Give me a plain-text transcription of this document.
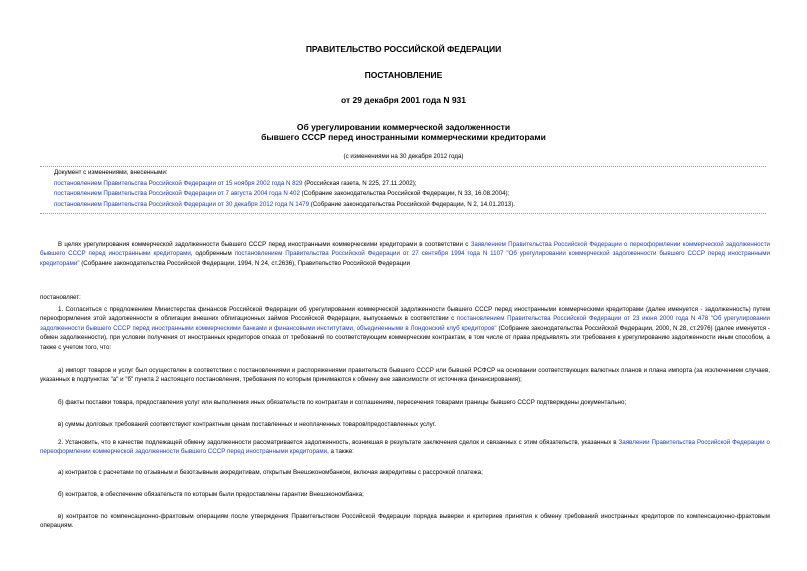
ПРАВИТЕЛЬСТВО РОССИЙСКОЙ ФЕДЕРАЦИИ
ПОСТАНОВЛЕНИЕ
от 29 декабря 2001 года N 931
Об урегулировании коммерческой задолженности
бывшего СССР перед иностранными коммерческими кредиторами
(с изменениями на 30 декабря 2012 года)
Документ с изменениями, внесенными:
постановлением Правительства Российской Федерации от 15 ноября 2002 года N 829 (Российская газета, N 225, 27.11.2002);
постановлением Правительства Российской Федерации от 7 августа 2004 года N 402 (Собрание законодательства Российской Федерации, N 33, 16.08.2004);
постановлением Правительства Российской Федерации от 30 декабря 2012 года N 1479 (Собрание законодательства Российской Федерации, N 2, 14.01.2013).
В целях урегулирования коммерческой задолженности бывшего СССР перед иностранными коммерческими кредиторами в соответствии с Заявлением Правительства Российской Федерации о переоформлении коммерческой задолженности бывшего СССР перед иностранными кредиторами, одобренным постановлением Правительства Российской Федерации от 27 сентября 1994 года N 1107 "Об урегулировании коммерческой задолженности бывшего СССР перед иностранными кредиторами" (Собрание законодательства Российской Федерации, 1994, N 24, ст.2636), Правительство Российской Федерации
постановляет:
1. Согласиться с предложением Министерства финансов Российской Федерации об урегулировании коммерческой задолженности бывшего СССР перед иностранными коммерческими кредиторами (далее именуется - задолженность) путем переоформления этой задолженности в облигации внешних облигационных займов Российской Федерации, выпускаемых в соответствии с постановлением Правительства Российской Федерации от 23 июня 2000 года N 478 "Об урегулировании задолженности бывшего СССР перед иностранными коммерческими банками и финансовыми институтами, объединенными в Лондонский клуб кредиторов" (Собрание законодательства Российской Федерации, 2000, N 28, ст.2976) (далее именуется - обмен задолженности), при условии получения от иностранных кредиторов отказа от требований по соответствующим коммерческим контрактам, в том числе от права предъявлять эти требования к урегулированию задолженности иным способом, а также с учетом того, что:
а) импорт товаров и услуг был осуществлен в соответствии с постановлениями и распоряжениями правительств бывшего СССР или бывшей РСФСР на основании соответствующих валютных планов и плана импорта (за исключением случаев, указанных в подпунктах "а" и "б" пункта 2 настоящего постановления, требования по которым принимаются к обмену вне зависимости от источника финансирования);
б) факты поставки товара, предоставления услуг или выполнения иных обязательств по контрактам и соглашениям, пересечения товарами границы бывшего СССР подтверждены документально;
в) суммы долговых требований соответствуют контрактным ценам поставленных и неоплаченных товаров/предоставленных услуг.
2. Установить, что в качестве подлежащей обмену задолженности рассматривается задолженность, возникшая в результате заключения сделок и связанных с этим обязательств, указанных в Заявлении Правительства Российской Федерации о переоформлении коммерческой задолженности бывшего СССР перед иностранными кредиторами, а также:
а) контрактов с расчетами по отзывным и безотзывным аккредитивам, открытым Внешэкономбанком, включая аккредитивы с рассрочкой платежа;
б) контрактов, в обеспечение обязательств по которым были предоставлены гарантии Внешэкономбанка;
в) контрактов по компенсационно-фрахтовым операциям после утверждения Правительством Российской Федерации порядка выверки и критериев принятия к обмену требований иностранных кредиторов по компенсационно-фрахтовым операциям.
